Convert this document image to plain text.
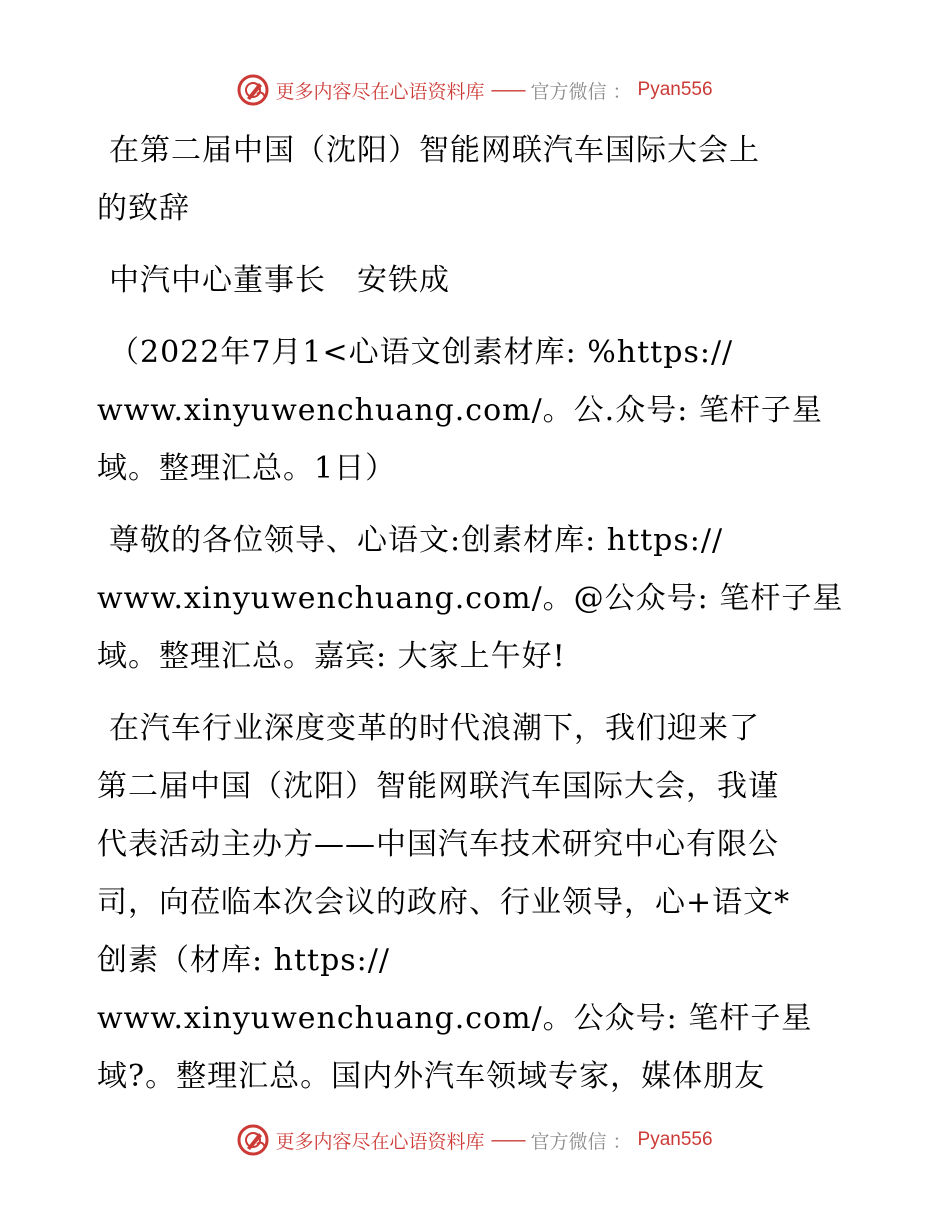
更多内容尽在心语资料库 —— 官方微信 ： Pyan556

在第二届中国（沈阳）智能网联汽车国际大会上
的致辞

中汽中心董事长　安铁成

（2022年7月1<心语文创素材库: %https://
www.xinyuwenchuang.com/。公.众号: 笔杆子星
域。整理汇总。1日）

尊敬的各位领导、心语文:创素材库: https://
www.xinyuwenchuang.com/。@公众号: 笔杆子星
域。整理汇总。嘉宾: 大家上午好!

在汽车行业深度变革的时代浪潮下，我们迎来了
第二届中国（沈阳）智能网联汽车国际大会，我谨
代表活动主办方——中国汽车技术研究中心有限公
司，向莅临本次会议的政府、行业领导，心+语文*
创素（材库: https://
www.xinyuwenchuang.com/。公众号: 笔杆子星
域?。整理汇总。国内外汽车领域专家，媒体朋友

更多内容尽在心语资料库 —— 官方微信 ： Pyan556
